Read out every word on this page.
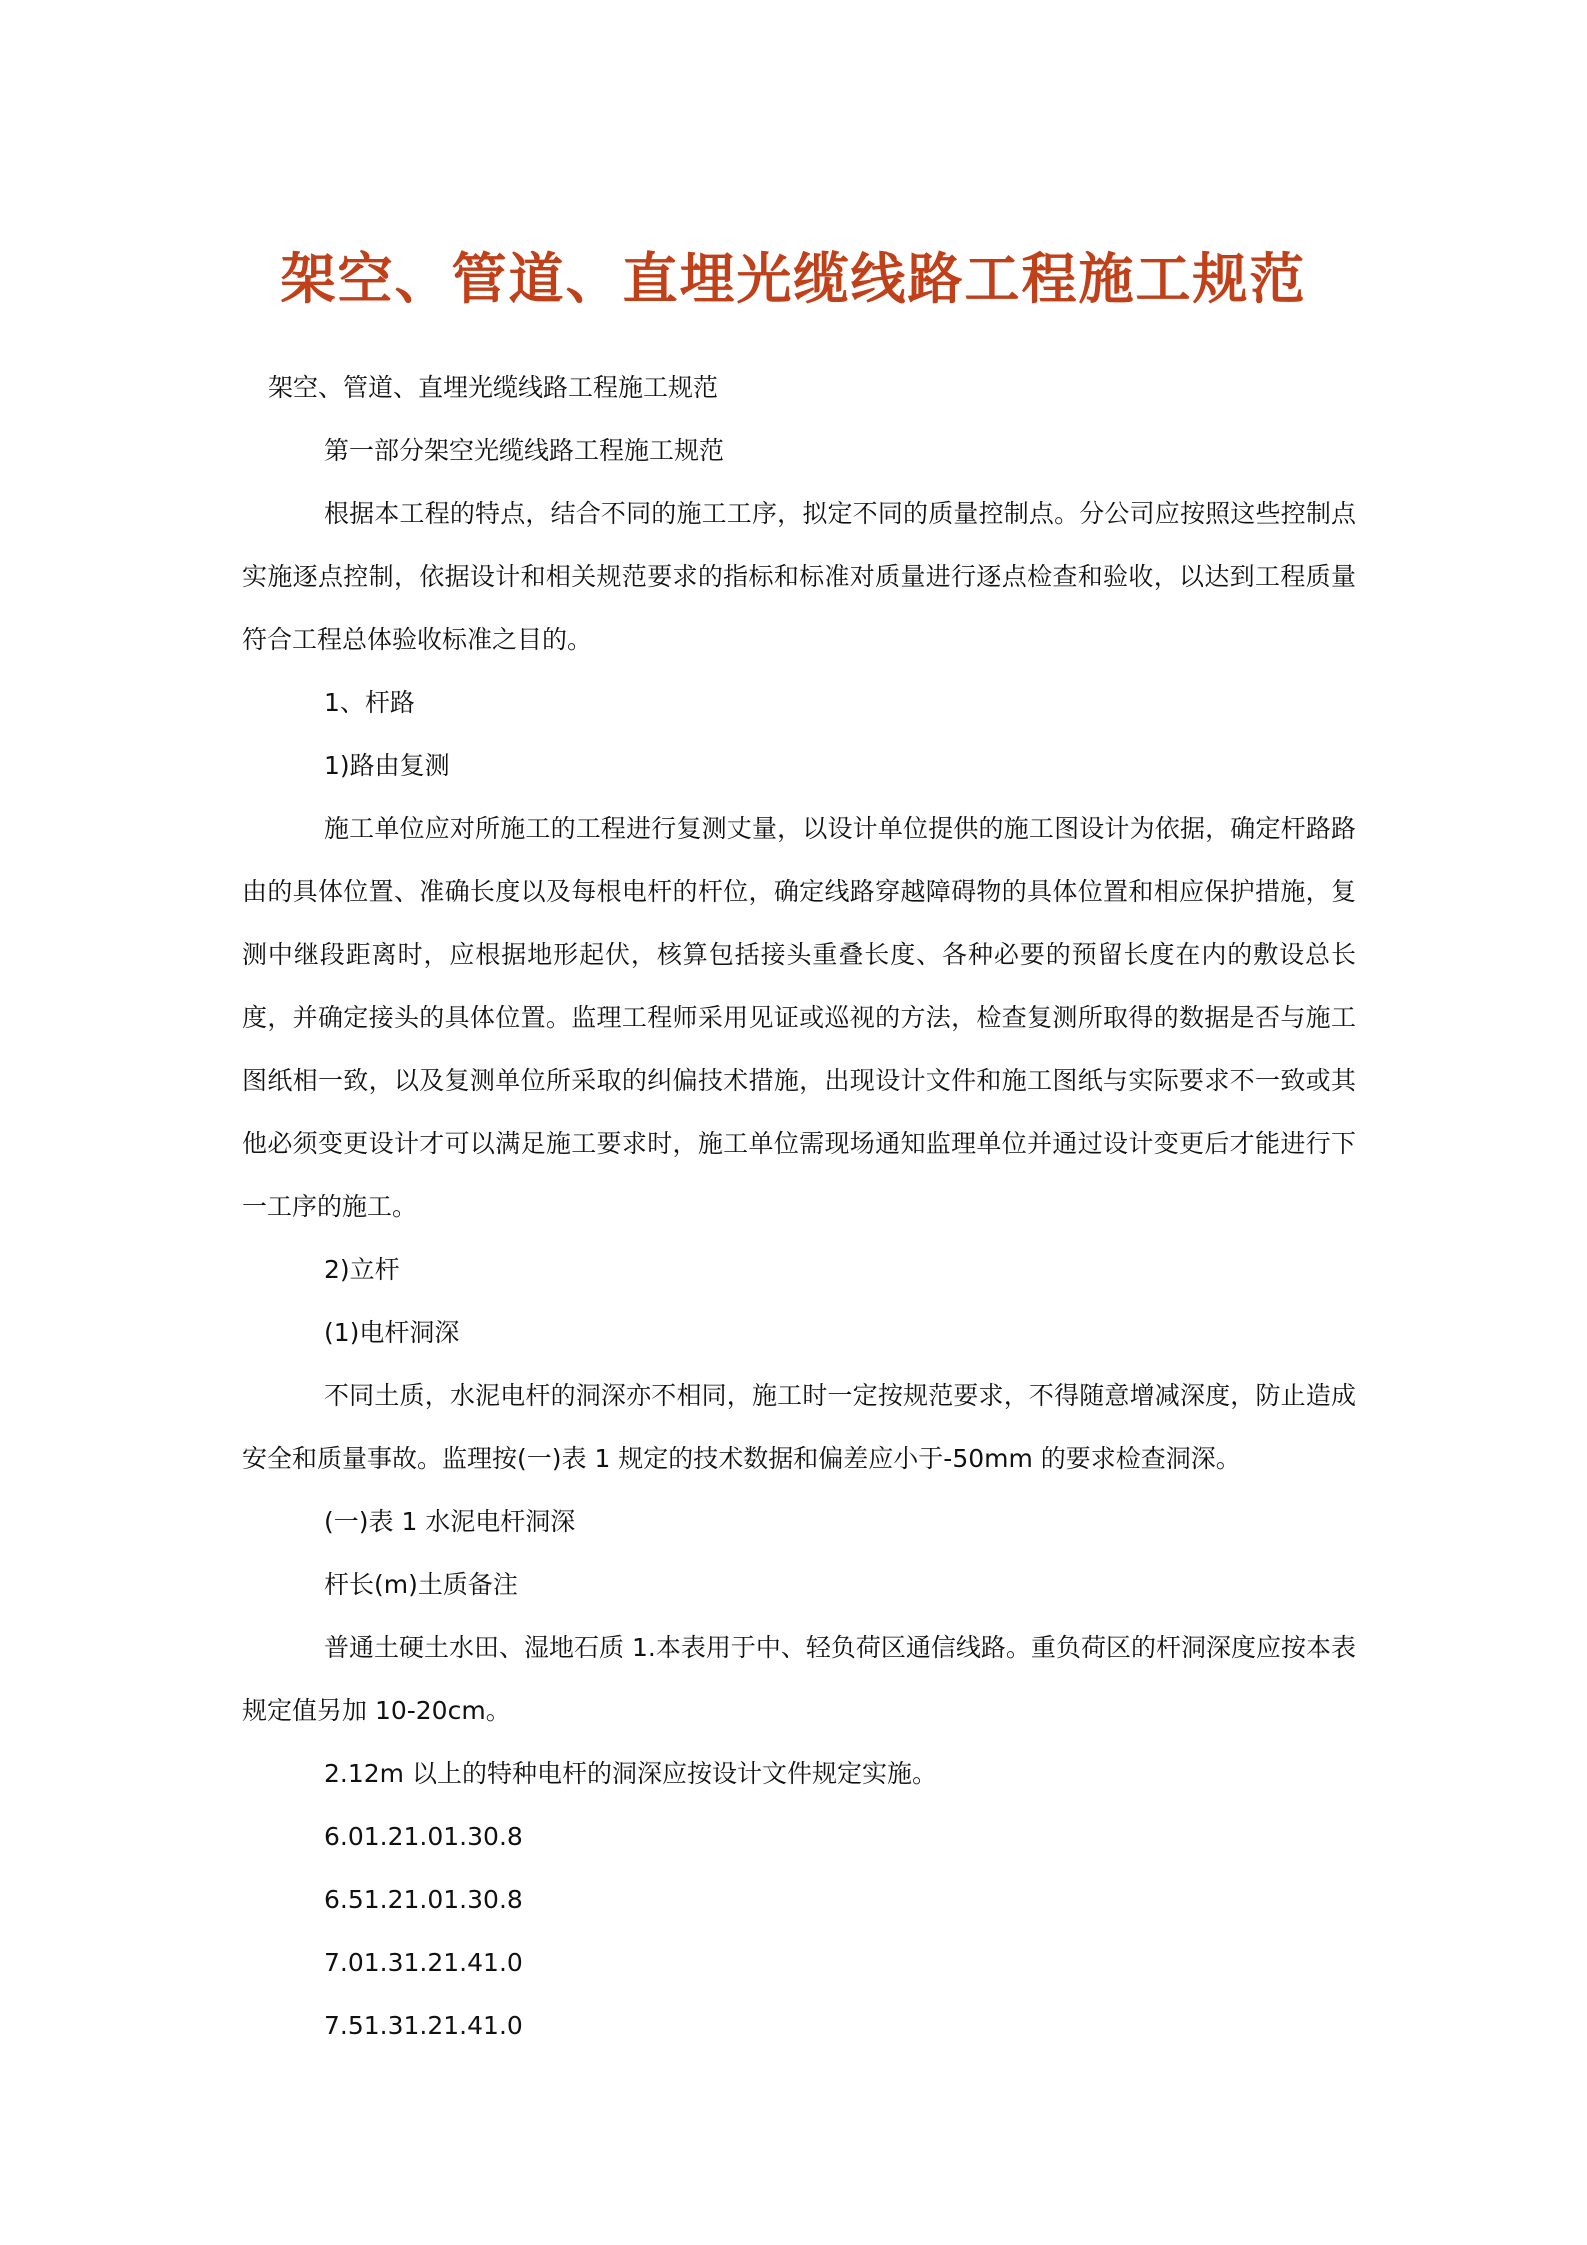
架空、管道、直埋光缆线路工程施工规范

架空、管道、直埋光缆线路工程施工规范

第一部分架空光缆线路工程施工规范

根据本工程的特点，结合不同的施工工序，拟定不同的质量控制点。分公司应按照这些控制点实施逐点控制，依据设计和相关规范要求的指标和标准对质量进行逐点检查和验收，以达到工程质量符合工程总体验收标准之目的。

1、杆路

1)路由复测

施工单位应对所施工的工程进行复测丈量，以设计单位提供的施工图设计为依据，确定杆路路由的具体位置、准确长度以及每根电杆的杆位，确定线路穿越障碍物的具体位置和相应保护措施，复测中继段距离时，应根据地形起伏，核算包括接头重叠长度、各种必要的预留长度在内的敷设总长度，并确定接头的具体位置。监理工程师采用见证或巡视的方法，检查复测所取得的数据是否与施工图纸相一致，以及复测单位所采取的纠偏技术措施，出现设计文件和施工图纸与实际要求不一致或其他必须变更设计才可以满足施工要求时，施工单位需现场通知监理单位并通过设计变更后才能进行下一工序的施工。

2)立杆

(1)电杆洞深

不同土质，水泥电杆的洞深亦不相同，施工时一定按规范要求，不得随意增减深度，防止造成安全和质量事故。监理按(一)表 1 规定的技术数据和偏差应小于-50mm 的要求检查洞深。

(一)表 1 水泥电杆洞深

杆长(m)土质备注

普通土硬土水田、湿地石质 1.本表用于中、轻负荷区通信线路。重负荷区的杆洞深度应按本表规定值另加 10-20cm。

2.12m 以上的特种电杆的洞深应按设计文件规定实施。

6.01.21.01.30.8

6.51.21.01.30.8

7.01.31.21.41.0

7.51.31.21.41.0
